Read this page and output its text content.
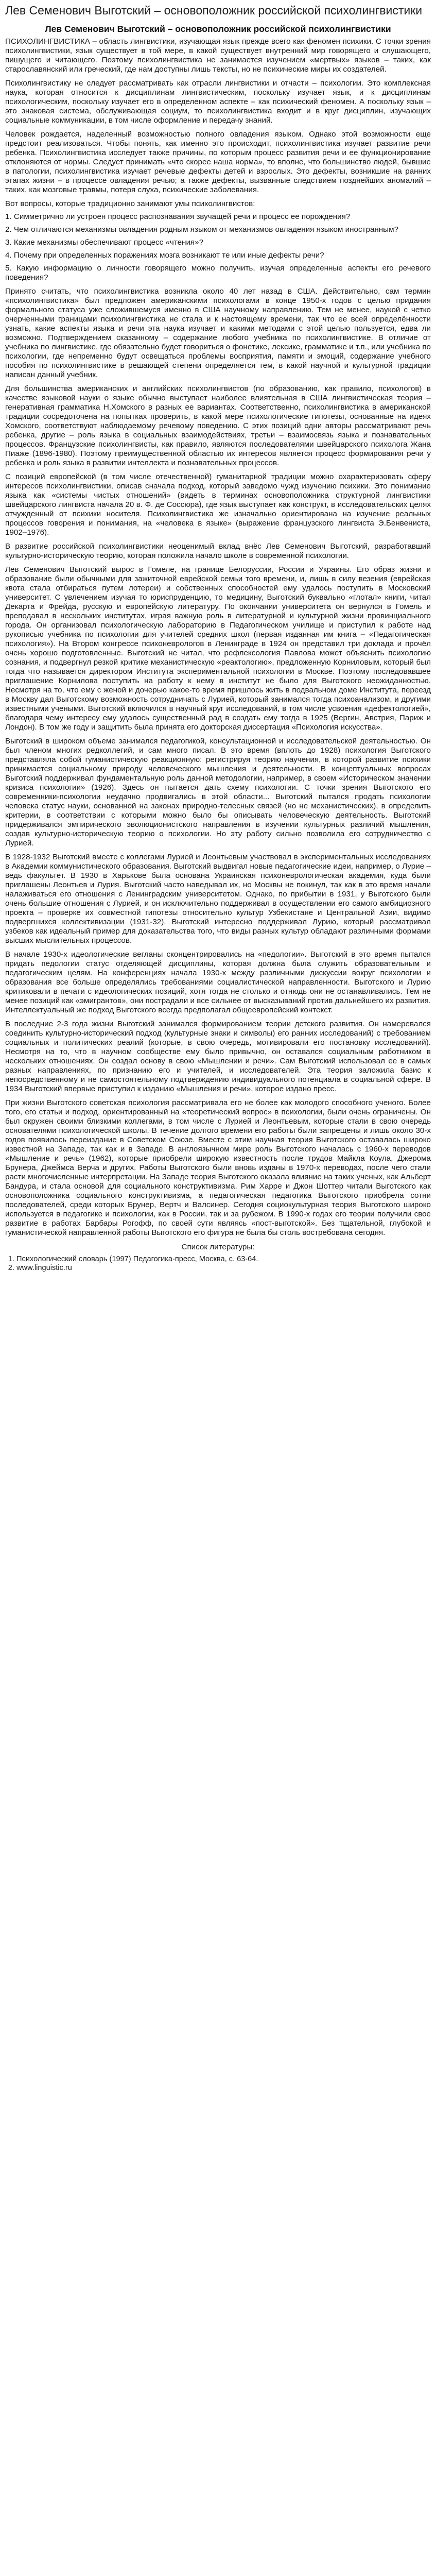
Лев Семенович Выготский – основоположник российской психолингвистики
Лев Семенович Выготский – основоположник российской психолингвистики

ПСИХОЛИНГВИСТИКА – область лингвистики, изучающая язык прежде всего как феномен психики. С точки зрения психолингвистики, язык существует в той мере, в какой существует внутренний мир говорящего и слушающего, пишущего и читающего. Поэтому психолингвистика не занимается изучением «мертвых» языков – таких, как старославянский или греческий, где нам доступны лишь тексты, но не психические миры их создателей.

Психолингвистику не следует рассматривать как отрасли лингвистики и отчасти – психологии. Это комплексная наука, которая относится к дисциплинам лингвистическим, поскольку изучает язык, и к дисциплинам психологическим, поскольку изучает его в определенном аспекте – как психический феномен. А поскольку язык – это знаковая система, обслуживающая социум, то психолингвистика входит и в круг дисциплин, изучающих социальные коммуникации, в том числе оформление и передачу знаний.

Человек рождается, наделенный возможностью полного овладения языком. Однако этой возможности еще предстоит реализоваться. Чтобы понять, как именно это происходит, психолингвистика изучает развитие речи ребенка. Психолингвистика исследует также причины, по которым процесс развития речи и ее функционирование отклоняются от нормы. Следует принимать «что скорее наша норма», то вполне, что большинство людей, бывшие в патологии, психолингвистика изучает речевые дефекты детей и взрослых. Это дефекты, возникшие на ранних этапах жизни – в процессе овладения речью; а также дефекты, вызванные следствием позднейших аномалий – таких, как мозговые травмы, потеря слуха, психические заболевания.

Вот вопросы, которые традиционно занимают умы психолингвистов:

1. Симметрично ли устроен процесс распознавания звучащей речи и процесс ее порождения?

2. Чем отличаются механизмы овладения родным языком от механизмов овладения языком иностранным?

3. Какие механизмы обеспечивают процесс «чтения»?

4. Почему при определенных поражениях мозга возникают те или иные дефекты речи?

5. Какую информацию о личности говорящего можно получить, изучая определенные аспекты его речевого поведения?

Принято считать, что психолингвистика возникла около 40 лет назад в США. Действительно, сам термин «психолингвистика» был предложен американскими психологами в конце 1950-х годов с целью придания формального статуса уже сложившемуся именно в США научному направлению. Тем не менее, наукой с четко очерченными границами психолингвистика не стала и к настоящему времени, так что ее всей определённости узнать, какие аспекты языка и речи эта наука изучает и какими методами с этой целью пользуется, едва ли возможно. Подтверждением сказанному – содержание любого учебника по психолингвистике. В отличие от учебника по лингвистике, где обязательно будет говориться о фонетике, лексике, грамматике и т.п., или учебника по психологии, где непременно будут освещаться проблемы восприятия, памяти и эмоций, содержание учебного пособия по психолингвистике в решающей степени определяется тем, в какой научной и культурной традиции написан данный учебник.

Для большинства американских и английских психолингвистов (по образованию, как правило, психологов) в качестве языковой науки о языке обычно выступает наиболее влиятельная в США лингвистическая теория – генеративная грамматика Н.Хомского в разных ее вариантах. Соответственно, психолингвистика в американской традиции сосредоточена на попытках проверить, в какой мере психологические гипотезы, основанные на идеях Хомского, соответствуют наблюдаемому речевому поведению. С этих позиций одни авторы рассматривают речь ребенка, другие – роль языка в социальных взаимодействиях, третьи – взаимосвязь языка и познавательных процессов. Французские психолингвисты, как правило, являются последователями швейцарского психолога Жана Пиаже (1896-1980). Поэтому преимущественной областью их интересов является процесс формирования речи у ребенка и роль языка в развитии интеллекта и познавательных процессов.

С позиций европейской (в том числе отечественной) гуманитарной традиции можно охарактеризовать сферу интересов психолингвистики, описав сначала подход, который заведомо чужд изучению психики. Это понимание языка как «системы чистых отношений» (видеть в терминах основоположника структурной лингвистики швейцарского лингвиста начала 20 в. Ф. де Соссюра), где язык выступает как конструкт, в исследовательских целях отчужденный от психики носителя. Психолингвистика же изначально ориентирована на изучение реальных процессов говорения и понимания, на «человека в языке» (выражение французского лингвиста Э.Бенвениста, 1902–1976).

В развитие российской психолингвистики неоценимый вклад внёс Лев Семенович Выготский, разработавший культурно-историческую теорию, которая положила начало школе в современной психологии.

Лев Семенович Выготский вырос в Гомеле, на границе Белоруссии, России и Украины. Его образ жизни и образование были обычными для зажиточной еврейской семьи того времени, и, лишь в силу везения (еврейская квота стала отбираться путем лотереи) и собственных способностей ему удалось поступить в Московский университет. С увлечением изучая то юриспруденцию, то медицину, Выготский буквально «глотал» книги, читал Декарта и Фрейда, русскую и европейскую литературу. По окончании университета он вернулся в Гомель и преподавал в нескольких институтах, играя важную роль в литературной и культурной жизни провинциального города. Он организовал психологическую лабораторию в Педагогическом училище и приступил к работе над рукописью учебника по психологии для учителей средних школ (первая изданная им книга – «Педагогическая психология»). На Втором конгрессе психоневрологов в Ленинграде в 1924 он представил три доклада и прочёл очень хорошо подготовленные. Выготский не читал, что рефлексология Павлова может объяснить психологию сознания, и подвергнул резкой критике механистическую «реактологию», предложенную Корниловым, который был тогда что называется директором Института экспериментальной психологии в Москве. Поэтому последовавшее приглашение Корнилова поступить на работу к нему в институт не было для Выготского неожиданностью. Несмотря на то, что ему с женой и дочерью какое-то время пришлось жить в подвальном доме Института, переезд в Москву дал Выготскому возможность сотрудничать с Лурией, который занимался тогда психоанализом, и другими известными учеными. Выготский включился в научный круг исследований, в том числе усвоения «дефектологией», благодаря чему интересу ему удалось существенный рад в создать ему тогда в 1925 (Вергин, Австрия, Париж и Лондон). В том же году и защитить была принята его докторская диссертация «Психология искусства».

Выготский в широком объеме занимался педагогикой, консультационной и исследовательской деятельностью. Он был членом многих редколлегий, и сам много писал. В это время (вплоть до 1928) психология Выготского представляла собой гуманистическую реакционную: регистрируя теорию научения, в которой развитие психики принимается социальному природу человеческого мышления и деятельности. В концептуальных вопросах Выготский поддерживал фундаментальную роль данной методологии, например, в своем «Историческом значении кризиса психологии» (1926). Здесь он пытается дать схему психологии. С точки зрения Выготского его современники-психологии неудачно продвигались в этой области... Выготский пытался продать психологии человека статус науки, основанной на законах природно-телесных связей (но не механистических), в определить критерии, в соответствии с которыми можно было бы описывать человеческую деятельность. Выготский придерживался эмпирического эволюционистского направления в изучении культурных различий мышления, создав культурно-историческую теорию о психологии. Но эту работу сильно позволила его сотрудничество с Лурией.

В 1928-1932 Выготский вместе с коллегами Лурией и Леонтьевым участвовал в экспериментальных исследованиях в Академии коммунистического образования. Выготский выдвигал новые педагогические идеи, например, о Лурие – ведь факультет. В 1930 в Харькове была основана Украинская психоневрологическая академия, куда были приглашены Леонтьев и Лурия. Выготский часто наведывал их, но Москвы не покинул, так как в это время начали налаживаться его отношения с Ленинградским университетом. Однако, по прибытии в 1931, у Выготского были очень большие отношения с Лурией, и он исключительно поддерживал в осуществлении его самого амбициозного проекта – проверке их совместной гипотезы относительно культур Узбекистане и Центральной Азии, видимо подвергшихся коллективизации (1931-32). Выготский интересно поддерживал Лурию, который рассматривал узбеков как идеальный пример для доказательства того, что виды разных культур обладают различными формами высших мыслительных процессов.

В начале 1930-х идеологические вегланы сконцентрировались на «педологии». Выготский в это время пытался придать педологии статус отделяющей дисциплины, которая должна была служить образовательным и педагогическим целям. На конференциях начала 1930-х между различными дискуссии вокруг психологии и образования все больше определялись требованиями социалистической направленности. Выготского и Лурию критиковали в печати с идеологических позиций, хотя тогда не столько и отнюдь они не останавливались. Тем не менее позиций как «эмигрантов», они пострадали и все сильнее от высказываний против дальнейшего их развития. Интеллектуальный же подход Выготского всегда предполагал общеевропейский контекст.

В последние 2-3 года жизни Выготский занимался формированием теории детского развития. Он намеревался соединить культурно-исторический подход (культурные знаки и символы) его ранних исследований) с требованием социальных и политических реалий (которые, в свою очередь, мотивировали его постановку исследований). Несмотря на то, что в научном сообществе ему было привычно, он оставался социальным работником в нескольких отношениях. Он создал основу в свою «Мышлении и речи». Сам Выготский использовал ее в самых разных направлениях, по признанию его и учителей, и исследователей. Эта теория заложила базис к непосредственному и не самостоятельному подтверждению индивидуального потенциала в социальной сфере. В 1934 Выготский впервые приступил к изданию «Мышления и речи», которое издано пресс.

При жизни Выготского советская психология рассматривала его не более как молодого способного ученого. Более того, его статьи и подход, ориентированный на «теоретический вопрос» в психологии, были очень ограничены. Он был окружен своими близкими коллегами, в том числе с Лурией и Леонтьевым, которые стали в свою очередь основателями психологической школы. В течение долгого времени его работы были запрещены и лишь около 30-х годов появилось переиздание в Советском Союзе. Вместе с этим научная теория Выготского оставалась широко известной на Западе, так как и в Западе. В англоязычном мире роль Выготского началась с 1960-х переводов «Мышление и речь» (1962), которые приобрели широкую известность после трудов Майкла Коулa, Джерома Брунера, Джеймса Верча и других. Работы Выготского были вновь изданы в 1970-х переводах, после чего стали расти многочисленные интерпретации. На Западе теория Выготского оказала влияние на таких ученых, как Альберт Бандура, и стала основой для социального конструктивизма. Рим Харре и Джон Шоттер читали Выготского как основоположника социального конструктивизма, а педагогическая педагогика Выготского приобрела сотни последователей, среди которых Брунер, Вертч и Валсинер. Сегодня социокультурная теория Выготского широко используется в педагогике и психологии, как в России, так и за рубежом. В 1990-х годах его теории получили свое развитие в работах Барбары Рогофф, по своей сути являясь «пост-выготской». Без тщательной, глубокой и гуманистической направленной работы Выготского его фигура не была бы столь востребована сегодня.

Список литературы:
1. Психологический словарь (1997) Педагогика-пресс, Москва, с. 63-64.
2. www.linguistic.ru
